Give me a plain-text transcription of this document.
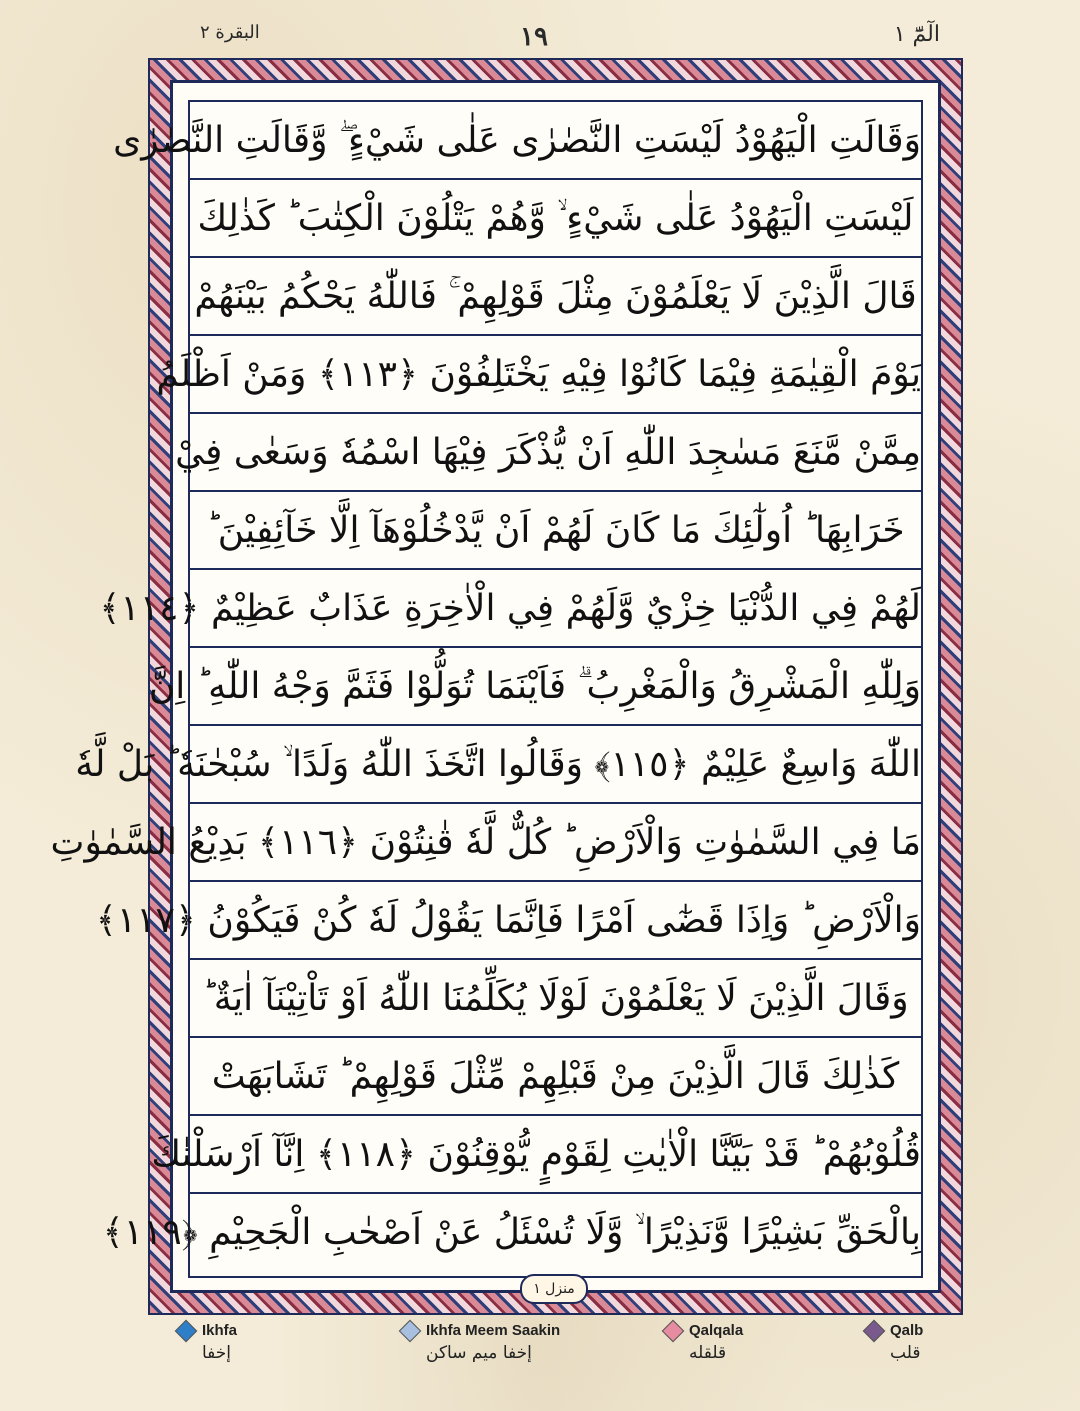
الٓمّٓ ١
١٩
البقرة ٢
وَقَالَتِ الْيَهُوْدُ لَيْسَتِ النَّصٰرٰى عَلٰى شَيْءٍ ۖ وَّقَالَتِ النَّصٰرٰى
لَيْسَتِ الْيَهُوْدُ عَلٰى شَيْءٍ ۙ وَّهُمْ يَتْلُوْنَ الْكِتٰبَ ؕ كَذٰلِكَ
قَالَ الَّذِيْنَ لَا يَعْلَمُوْنَ مِثْلَ قَوْلِهِمْ ۚ فَاللّٰهُ يَحْكُمُ بَيْنَهُمْ
يَوْمَ الْقِيٰمَةِ فِيْمَا كَانُوْا فِيْهِ يَخْتَلِفُوْنَ ﴿١١٣﴾ وَمَنْ اَظْلَمُ
مِمَّنْ مَّنَعَ مَسٰجِدَ اللّٰهِ اَنْ يُّذْكَرَ فِيْهَا اسْمُهٗ وَسَعٰى فِيْ
خَرَابِهَا ؕ اُولٰٓئِكَ مَا كَانَ لَهُمْ اَنْ يَّدْخُلُوْهَآ اِلَّا خَآئِفِيْنَ ؕ
لَهُمْ فِي الدُّنْيَا خِزْيٌ وَّلَهُمْ فِي الْاٰخِرَةِ عَذَابٌ عَظِيْمٌ ﴿١١٤﴾
وَلِلّٰهِ الْمَشْرِقُ وَالْمَغْرِبُ ۗ فَاَيْنَمَا تُوَلُّوْا فَثَمَّ وَجْهُ اللّٰهِ ؕ اِنَّ
اللّٰهَ وَاسِعٌ عَلِيْمٌ ﴿١١٥﴾ وَقَالُوا اتَّخَذَ اللّٰهُ وَلَدًا ۙ سُبْحٰنَهٗ ؕ بَلْ لَّهٗ
مَا فِي السَّمٰوٰتِ وَالْاَرْضِ ؕ كُلٌّ لَّهٗ قٰنِتُوْنَ ﴿١١٦﴾ بَدِيْعُ السَّمٰوٰتِ
وَالْاَرْضِ ؕ وَاِذَا قَضٰٓى اَمْرًا فَاِنَّمَا يَقُوْلُ لَهٗ كُنْ فَيَكُوْنُ ﴿١١٧﴾
وَقَالَ الَّذِيْنَ لَا يَعْلَمُوْنَ لَوْلَا يُكَلِّمُنَا اللّٰهُ اَوْ تَاْتِيْنَآ اٰيَةٌ ؕ
كَذٰلِكَ قَالَ الَّذِيْنَ مِنْ قَبْلِهِمْ مِّثْلَ قَوْلِهِمْ ؕ تَشَابَهَتْ
قُلُوْبُهُمْ ؕ قَدْ بَيَّنَّا الْاٰيٰتِ لِقَوْمٍ يُّوْقِنُوْنَ ﴿١١٨﴾ اِنَّآ اَرْسَلْنٰكَ
بِالْحَقِّ بَشِيْرًا وَّنَذِيْرًا ۙ وَّلَا تُسْئَلُ عَنْ اَصْحٰبِ الْجَحِيْمِ ﴿١١٩﴾
منزل ١
Ikhfa
إخفا
Ikhfa Meem Saakin
إخفا میم ساکن
Qalqala
قلقله
Qalb
قلب
